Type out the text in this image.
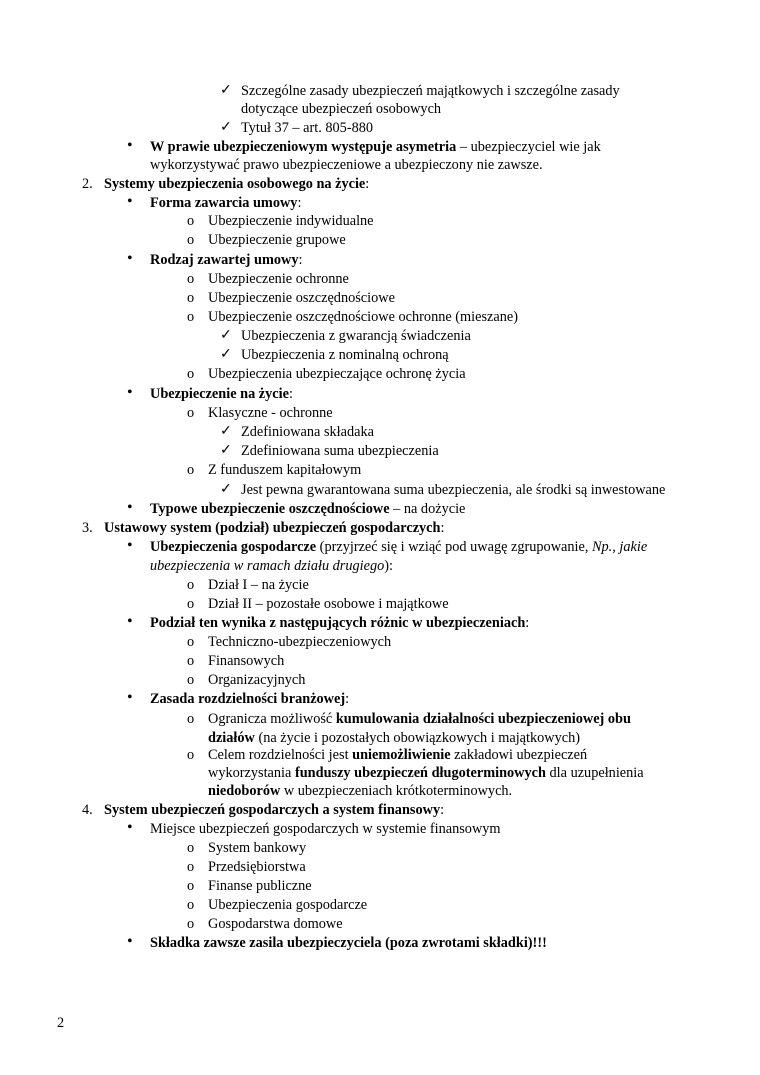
✓ Szczególne zasady ubezpieczeń majątkowych i szczególne zasady
dotyczące ubezpieczeń osobowych
✓ Tytuł 37 – art. 805-880
• W prawie ubezpieczeniowym występuje asymetria – ubezpieczyciel wie jak
wykorzystywać prawo ubezpieczeniowe a ubezpieczony nie zawsze.
2. Systemy ubezpieczenia osobowego na życie:
• Forma zawarcia umowy:
o Ubezpieczenie indywidualne
o Ubezpieczenie grupowe
• Rodzaj zawartej umowy:
o Ubezpieczenie ochronne
o Ubezpieczenie oszczędnościowe
o Ubezpieczenie oszczędnościowe ochronne (mieszane)
✓ Ubezpieczenia z gwarancją świadczenia
✓ Ubezpieczenia z nominalną ochroną
o Ubezpieczenia ubezpieczające ochronę życia
• Ubezpieczenie na życie:
o Klasyczne - ochronne
✓ Zdefiniowana składaka
✓ Zdefiniowana suma ubezpieczenia
o Z funduszem kapitałowym
✓ Jest pewna gwarantowana suma ubezpieczenia, ale środki są inwestowane
• Typowe ubezpieczenie oszczędnościowe – na dożycie
3. Ustawowy system (podział) ubezpieczeń gospodarczych:
• Ubezpieczenia gospodarcze (przyjrzeć się i wziąć pod uwagę zgrupowanie, Np., jakie
ubezpieczenia w ramach działu drugiego):
o Dział I – na życie
o Dział II – pozostałe osobowe i majątkowe
• Podział ten wynika z następujących różnic w ubezpieczeniach:
o Techniczno-ubezpieczeniowych
o Finansowych
o Organizacyjnych
• Zasada rozdzielności branżowej:
o Ogranicza możliwość kumulowania działalności ubezpieczeniowej obu
działów (na życie i pozostałych obowiązkowych i majątkowych)
o Celem rozdzielności jest uniemożliwienie zakładowi ubezpieczeń
wykorzystania funduszy ubezpieczeń długoterminowych dla uzupełnienia
niedoborów w ubezpieczeniach krótkoterminowych.
4. System ubezpieczeń gospodarczych a system finansowy:
• Miejsce ubezpieczeń gospodarczych w systemie finansowym
o System bankowy
o Przedsiębiorstwa
o Finanse publiczne
o Ubezpieczenia gospodarcze
o Gospodarstwa domowe
• Składka zawsze zasila ubezpieczyciela (poza zwrotami składki)!!!
2
